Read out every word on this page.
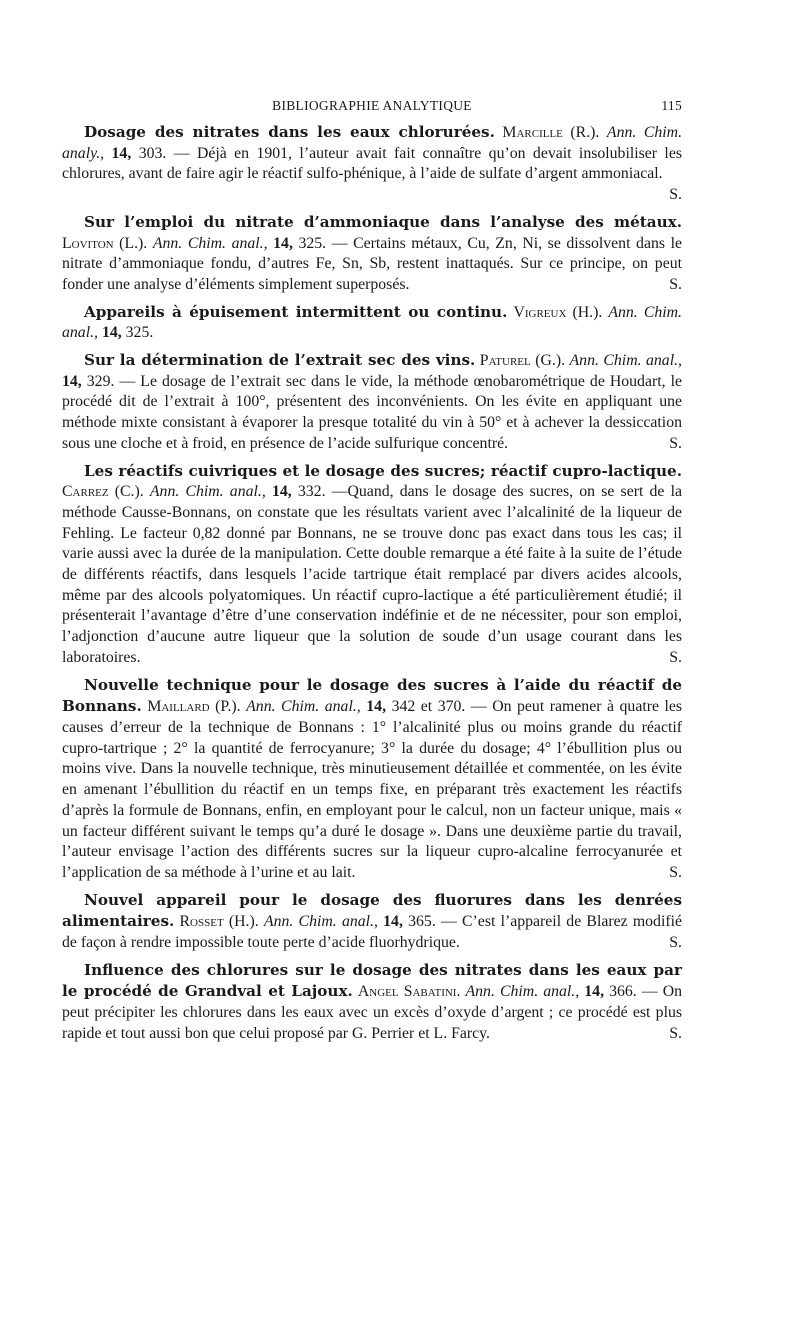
BIBLIOGRAPHIE ANALYTIQUE	115

Dosage des nitrates dans les eaux chlorurées. Marcille (R.). Ann. Chim. analy., 14, 303. — Déjà en 1901, l’auteur avait fait connaître qu’on devait insolubiliser les chlorures, avant de faire agir le réactif sulfo-phénique, à l’aide de sulfate d’argent ammoniacal.
S.

Sur l’emploi du nitrate d’ammoniaque dans l’analyse des métaux. Loviton (L.). Ann. Chim. anal., 14, 325. — Certains métaux, Cu, Zn, Ni, se dissolvent dans le nitrate d’ammoniaque fondu, d’autres Fe, Sn, Sb, restent inattaqués. Sur ce principe, on peut fonder une analyse d’éléments simplement superposés.	S.

Appareils à épuisement intermittent ou continu. Vigreux (H.). Ann. Chim. anal., 14, 325.

Sur la détermination de l’extrait sec des vins. Paturel (G.). Ann. Chim. anal., 14, 329. — Le dosage de l’extrait sec dans le vide, la méthode œnobarométrique de Houdart, le procédé dit de l’extrait à 100°, présentent des inconvénients. On les évite en appliquant une méthode mixte consistant à évaporer la presque totalité du vin à 50° et à achever la dessiccation sous une cloche et à froid, en présence de l’acide sulfurique concentré.	S.

Les réactifs cuivriques et le dosage des sucres; réactif cupro-lactique. Carrez (C.). Ann. Chim. anal., 14, 332. —Quand, dans le dosage des sucres, on se sert de la méthode Causse-Bonnans, on constate que les résultats varient avec l’alcalinité de la liqueur de Fehling. Le facteur 0,82 donné par Bonnans, ne se trouve donc pas exact dans tous les cas; il varie aussi avec la durée de la manipulation. Cette double remarque a été faite à la suite de l’étude de différents réactifs, dans lesquels l’acide tartrique était remplacé par divers acides alcools, même par des alcools polyatomiques. Un réactif cupro-lactique a été particulièrement étudié; il présenterait l’avantage d’être d’une conservation indéfinie et de ne nécessiter, pour son emploi, l’adjonction d’aucune autre liqueur que la solution de soude d’un usage courant dans les laboratoires.	S.

Nouvelle technique pour le dosage des sucres à l’aide du réactif de Bonnans. Maillard (P.). Ann. Chim. anal., 14, 342 et 370. — On peut ramener à quatre les causes d’erreur de la technique de Bonnans : 1° l’alcalinité plus ou moins grande du réactif cupro-tartrique ; 2° la quantité de ferrocyanure; 3° la durée du dosage; 4° l’ébullition plus ou moins vive. Dans la nouvelle technique, très minutieusement détaillée et commentée, on les évite en amenant l’ébullition du réactif en un temps fixe, en préparant très exactement les réactifs d’après la formule de Bonnans, enfin, en employant pour le calcul, non un facteur unique, mais « un facteur différent suivant le temps qu’a duré le dosage ». Dans une deuxième partie du travail, l’auteur envisage l’action des différents sucres sur la liqueur cupro-alcaline ferrocyanurée et l’application de sa méthode à l’urine et au lait.	S.

Nouvel appareil pour le dosage des fluorures dans les denrées alimentaires. Rosset (H.). Ann. Chim. anal., 14, 365. — C’est l’appareil de Blarez modifié de façon à rendre impossible toute perte d’acide fluorhydrique.	S.

Influence des chlorures sur le dosage des nitrates dans les eaux par le procédé de Grandval et Lajoux. Angel Sabatini. Ann. Chim. anal., 14, 366. — On peut précipiter les chlorures dans les eaux avec un excès d’oxyde d’argent ; ce procédé est plus rapide et tout aussi bon que celui proposé par G. Perrier et L. Farcy.	S.
